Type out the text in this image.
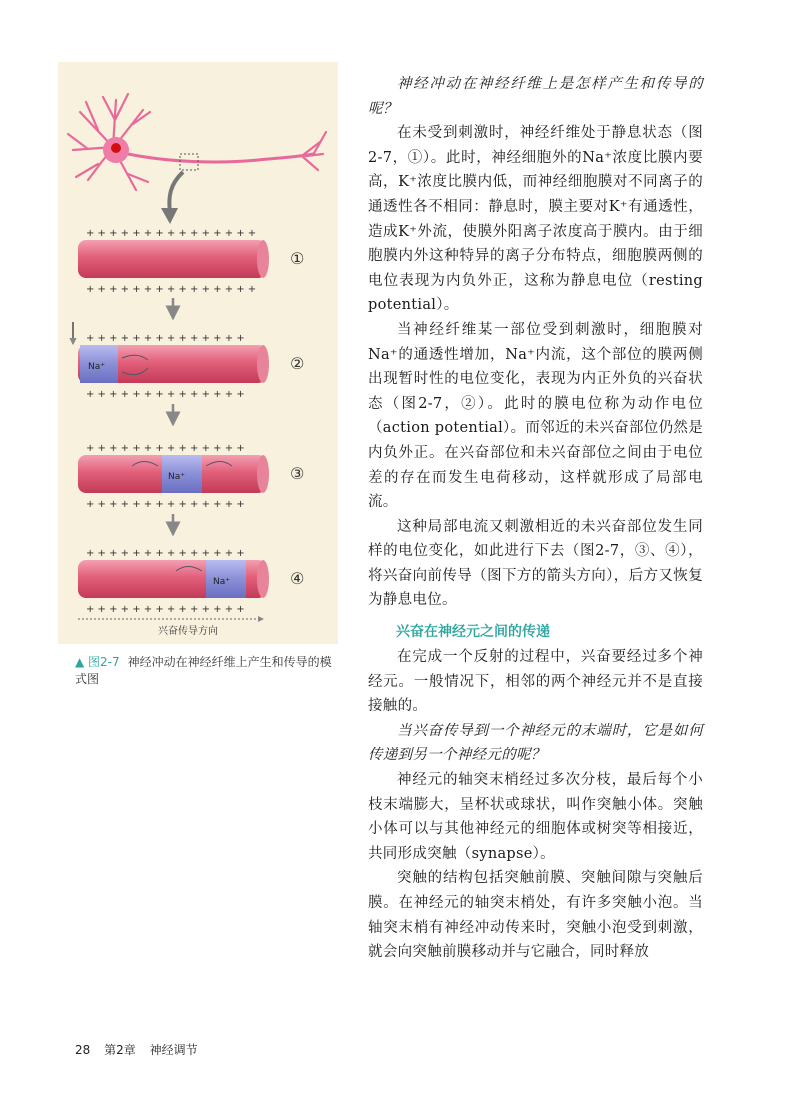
+ + + + + + + + + + + + + + +
+ + + + + + + + + + + + + + +
+ + + + + + + + + + + + + +
Na⁺
+ + + + + + + + + + + + + +
+ + + + + + + + + + + + + +
Na⁺
+ + + + + + + + + + + + + +
+ + + + + + + + + + + + + +
Na⁺
+ + + + + + + + + + + + + +
①
②
③
④
兴奋传导方向
▲ 图2-7 神经冲动在神经纤维上产生和传导的模式图

神经冲动在神经纤维上是怎样产生和传导的呢？

在未受到刺激时，神经纤维处于静息状态（图2-7，①）。此时，神经细胞外的Na⁺浓度比膜内要高，K⁺浓度比膜内低，而神经细胞膜对不同离子的通透性各不相同：静息时，膜主要对K⁺有通透性，造成K⁺外流，使膜外阳离子浓度高于膜内。由于细胞膜内外这种特异的离子分布特点，细胞膜两侧的电位表现为内负外正，这称为静息电位（resting potential）。

当神经纤维某一部位受到刺激时，细胞膜对Na⁺的通透性增加，Na⁺内流，这个部位的膜两侧出现暂时性的电位变化，表现为内正外负的兴奋状态（图2-7，②）。此时的膜电位称为动作电位（action potential）。而邻近的未兴奋部位仍然是内负外正。在兴奋部位和未兴奋部位之间由于电位差的存在而发生电荷移动，这样就形成了局部电流。

这种局部电流又刺激相近的未兴奋部位发生同样的电位变化，如此进行下去（图2-7，③、④），将兴奋向前传导（图下方的箭头方向），后方又恢复为静息电位。

兴奋在神经元之间的传递

在完成一个反射的过程中，兴奋要经过多个神经元。一般情况下，相邻的两个神经元并不是直接接触的。

当兴奋传导到一个神经元的末端时，它是如何传递到另一个神经元的呢？

神经元的轴突末梢经过多次分枝，最后每个小枝末端膨大，呈杯状或球状，叫作突触小体。突触小体可以与其他神经元的细胞体或树突等相接近，共同形成突触（synapse）。

突触的结构包括突触前膜、突触间隙与突触后膜。在神经元的轴突末梢处，有许多突触小泡。当轴突末梢有神经冲动传来时，突触小泡受到刺激，就会向突触前膜移动并与它融合，同时释放

28 第2章 神经调节
